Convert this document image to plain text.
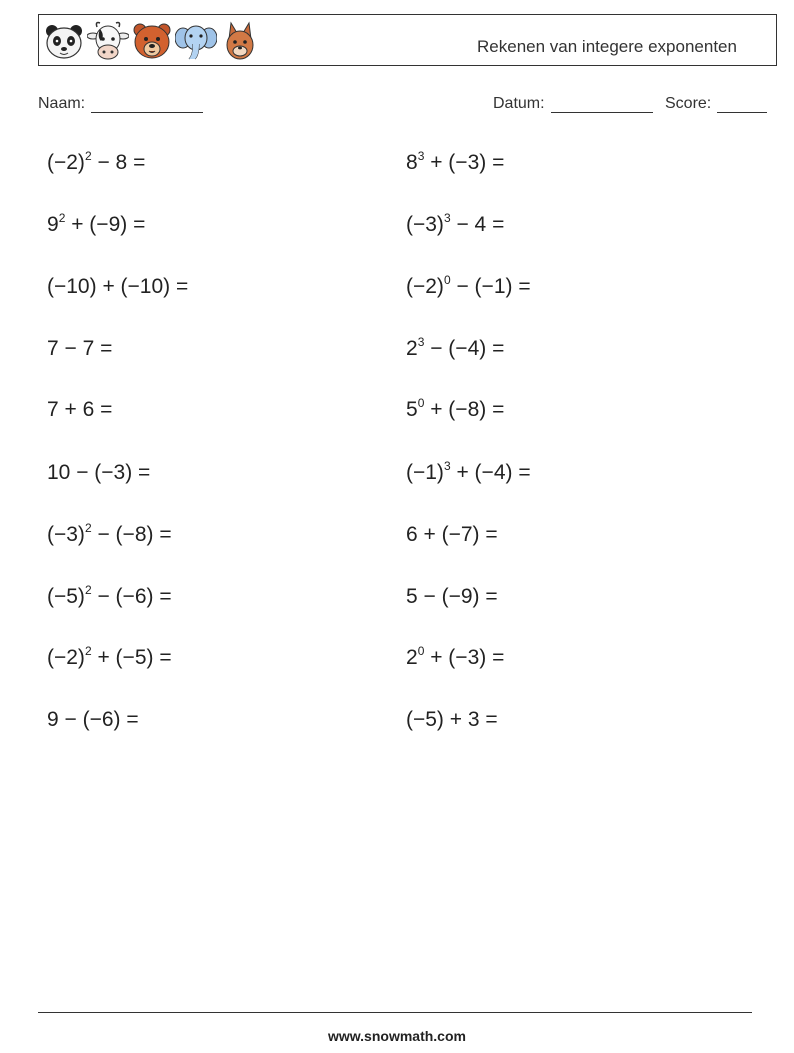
Rekenen van integere exponenten
Naam:	Datum:	Score:
$(-2)^2 - 8$ =	$8^3 + (-3)$ =
$9^2 + (-9)$ =	$(-3)^3 - 4$ =
(−10) + (−10) =	$(-2)^0 - (-1)$ =
7 − 7 =	$2^3 - (-4)$ =
7 + 6 =	$5^0 + (-8)$ =
10 − (−3) =	$(-1)^3 + (-4)$ =
$(-3)^2 - (-8)$ =	6 + (−7) =
$(-5)^2 - (-6)$ =	5 − (−9) =
$(-2)^2 + (-5)$ =	$2^0 + (-3)$ =
9 − (−6) =	(−5) + 3 =
www.snowmath.com
